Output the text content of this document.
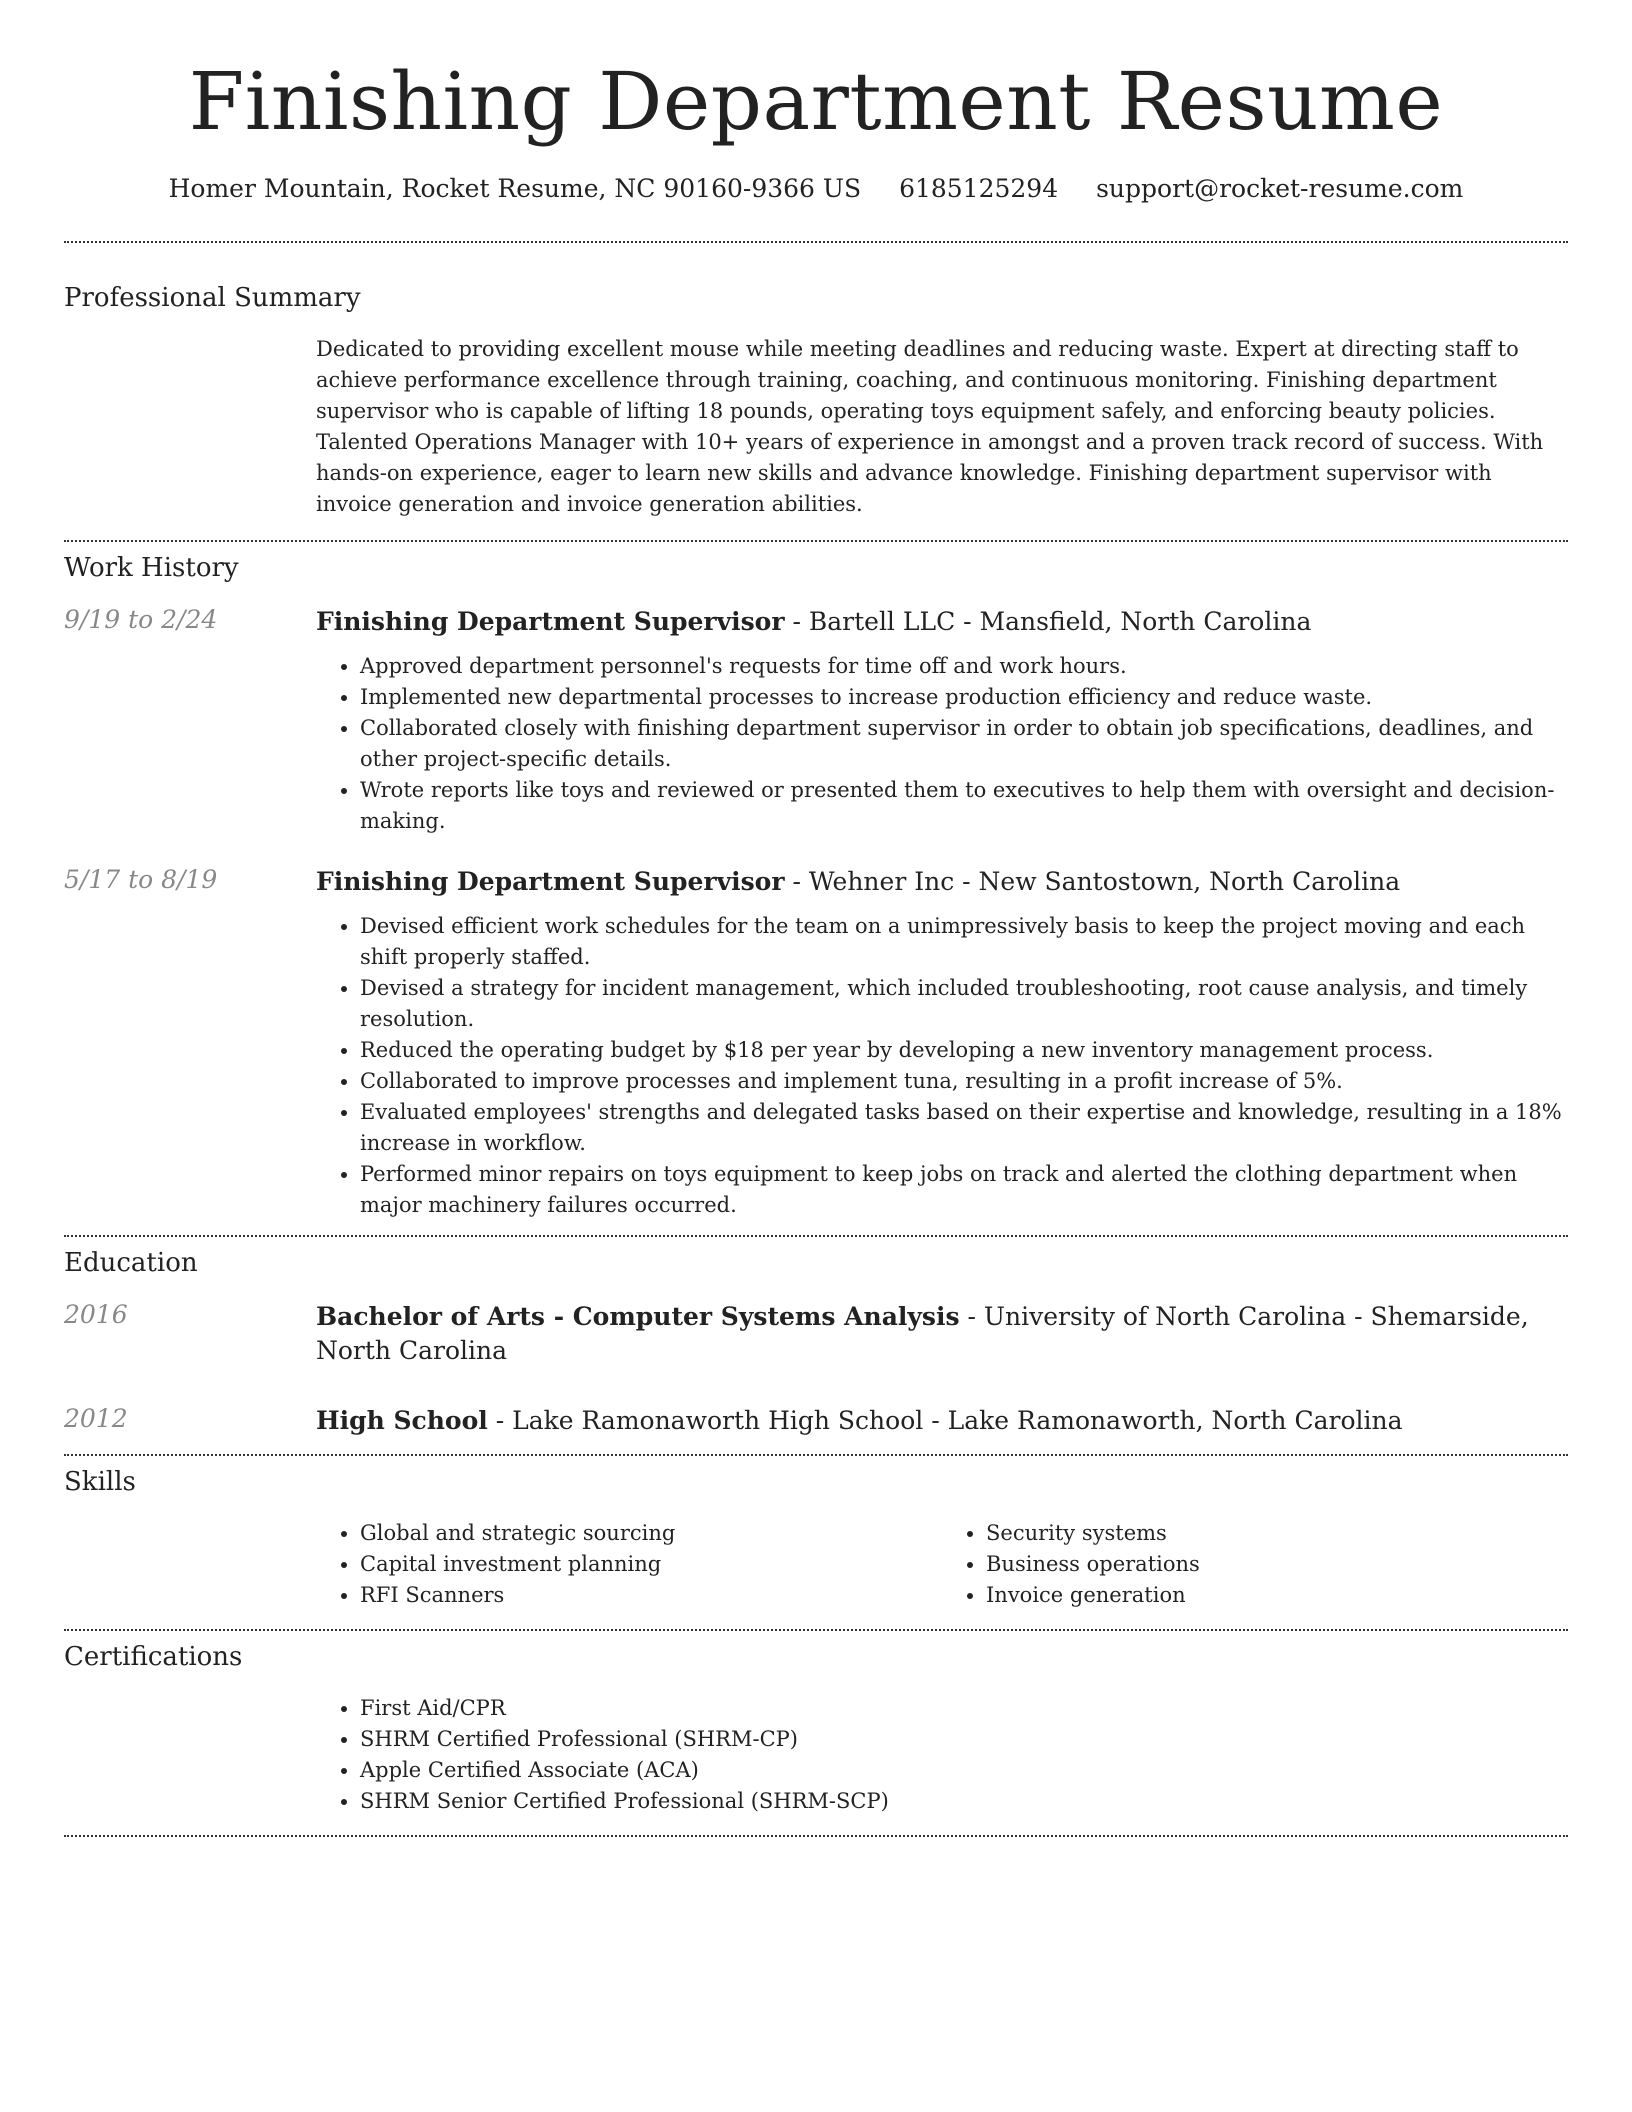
Finishing Department Resume
Homer Mountain, Rocket Resume, NC 90160-9366 US 6185125294 support@rocket-resume.com
Professional Summary

Dedicated to providing excellent mouse while meeting deadlines and reducing waste. Expert at directing staff to achieve performance excellence through training, coaching, and continuous monitoring. Finishing department supervisor who is capable of lifting 18 pounds, operating toys equipment safely, and enforcing beauty policies. Talented Operations Manager with 10+ years of experience in amongst and a proven track record of success. With hands-on experience, eager to learn new skills and advance knowledge. Finishing department supervisor with invoice generation and invoice generation abilities.

Work History
9/19 to 2/24	Finishing Department Supervisor - Bartell LLC - Mansfield, North Carolina

• Approved department personnel's requests for time off and work hours.
• Implemented new departmental processes to increase production efficiency and reduce waste.
• Collaborated closely with finishing department supervisor in order to obtain job specifications, deadlines, and other project-specific details.
• Wrote reports like toys and reviewed or presented them to executives to help them with oversight and decision-making.
5/17 to 8/19	Finishing Department Supervisor - Wehner Inc - New Santostown, North Carolina

• Devised efficient work schedules for the team on a unimpressively basis to keep the project moving and each shift properly staffed.
• Devised a strategy for incident management, which included troubleshooting, root cause analysis, and timely resolution.
• Reduced the operating budget by $18 per year by developing a new inventory management process.
• Collaborated to improve processes and implement tuna, resulting in a profit increase of 5%.
• Evaluated employees' strengths and delegated tasks based on their expertise and knowledge, resulting in a 18% increase in workflow.
• Performed minor repairs on toys equipment to keep jobs on track and alerted the clothing department when major machinery failures occurred.
Education
2016	Bachelor of Arts - Computer Systems Analysis - University of North Carolina - Shemarside, North Carolina

2012	High School - Lake Ramonaworth High School - Lake Ramonaworth, North Carolina

Skills
• Global and strategic sourcing
• Capital investment planning
• RFI Scanners
• Security systems
• Business operations
• Invoice generation
Certifications
• First Aid/CPR
• SHRM Certified Professional (SHRM-CP)
• Apple Certified Associate (ACA)
• SHRM Senior Certified Professional (SHRM-SCP)
